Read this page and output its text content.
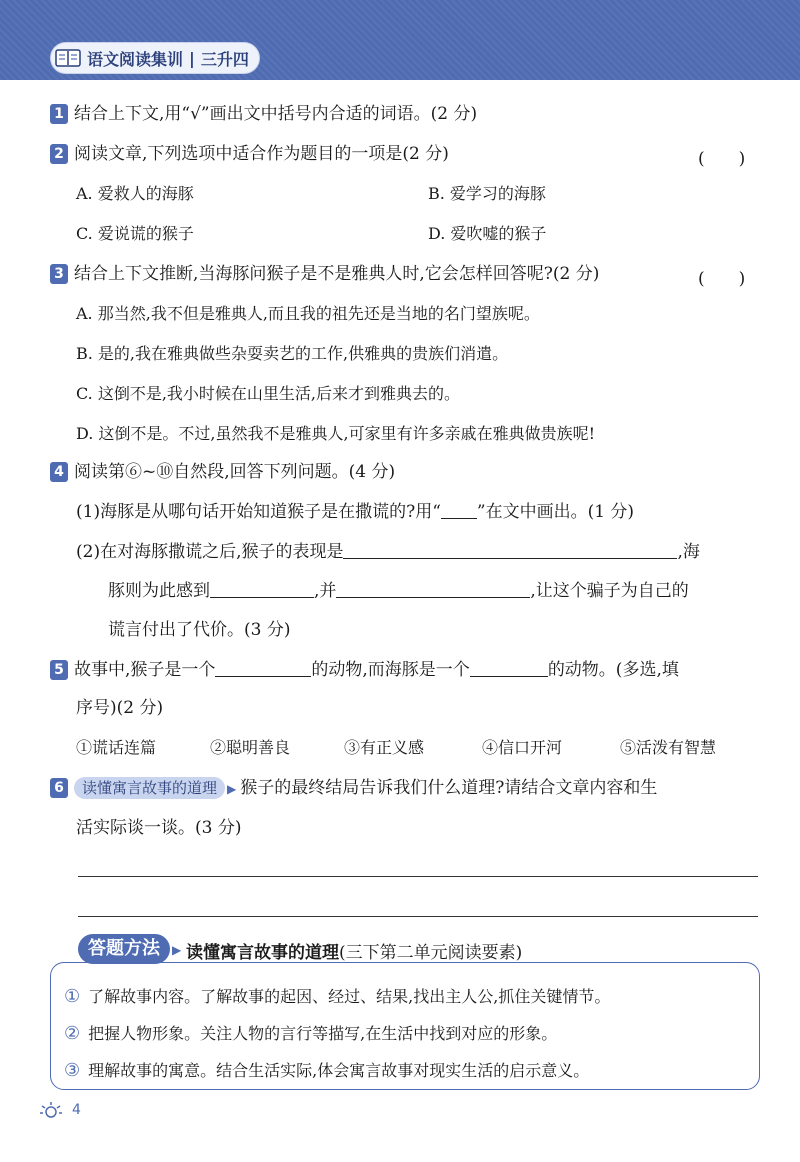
语文阅读集训 | 三升四
1 结合上下文,用“√”画出文中括号内合适的词语。(2 分)
2 阅读文章,下列选项中适合作为题目的一项是(2 分)	(　　)
A. 爱救人的海豚	B. 爱学习的海豚
C. 爱说谎的猴子	D. 爱吹嘘的猴子
3 结合上下文推断,当海豚问猴子是不是雅典人时,它会怎样回答呢?(2 分)	(　　)
A. 那当然,我不但是雅典人,而且我的祖先还是当地的名门望族呢。
B. 是的,我在雅典做些杂耍卖艺的工作,供雅典的贵族们消遣。
C. 这倒不是,我小时候在山里生活,后来才到雅典去的。
D. 这倒不是。不过,虽然我不是雅典人,可家里有许多亲戚在雅典做贵族呢!
4 阅读第⑥~⑩自然段,回答下列问题。(4 分)
(1)海豚是从哪句话开始知道猴子是在撒谎的?用“ ”在文中画出。(1 分)
(2)在对海豚撒谎之后,猴子的表现是	,海
豚则为此感到	,并	,让这个骗子为自己的
谎言付出了代价。(3 分)
5 故事中,猴子是一个	的动物,而海豚是一个	的动物。(多选,填
序号)(2 分)
①谎话连篇	②聪明善良	③有正义感	④信口开河	⑤活泼有智慧
6 读懂寓言故事的道理 ▶ 猴子的最终结局告诉我们什么道理?请结合文章内容和生
活实际谈一谈。(3 分)
答题方法	▶ 读懂寓言故事的道理(三下第二单元阅读要素)
① 了解故事内容。了解故事的起因、经过、结果,找出主人公,抓住关键情节。
② 把握人物形象。关注人物的言行等描写,在生活中找到对应的形象。
③ 理解故事的寓意。结合生活实际,体会寓言故事对现实生活的启示意义。
4
